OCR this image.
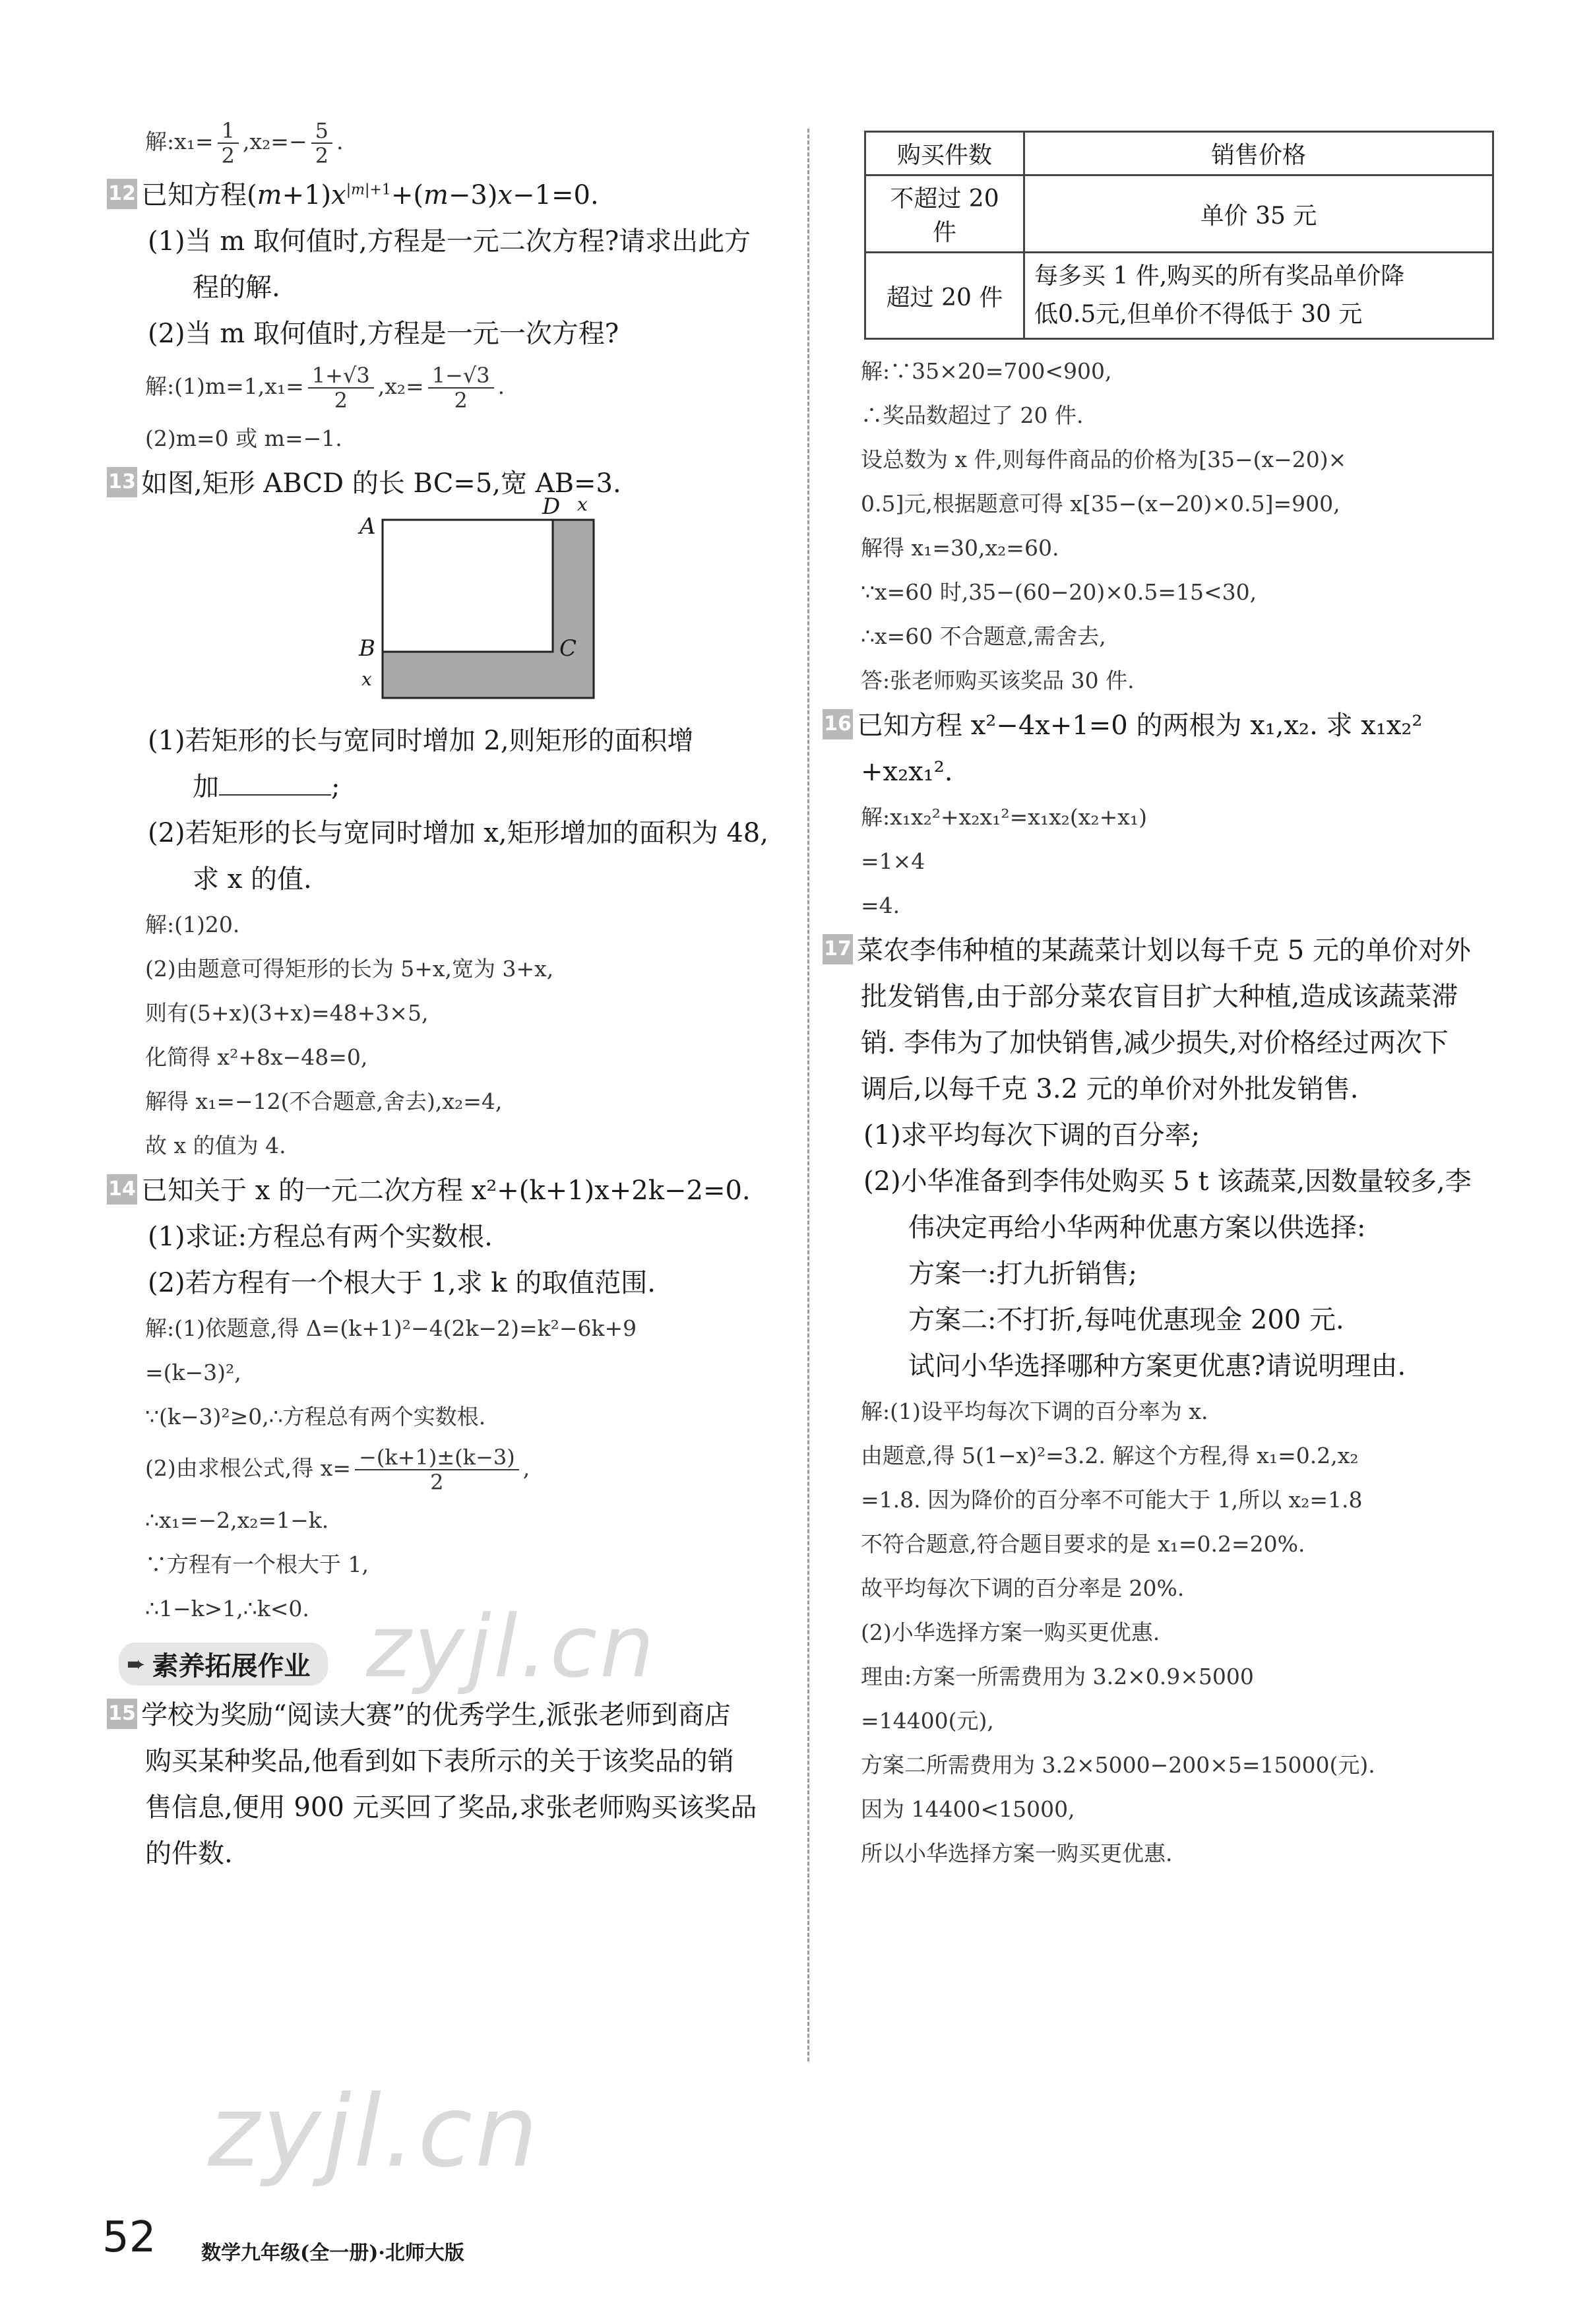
解:x₁= $\frac{1}{2} ,x_2=- \frac{5}{2}$ .
12 已知方程$(m+1)x^{|m|+1}+(m-3)x-1=0$.
(1)当 m 取何值时,方程是一元二次方程?请求出此方
程的解.
(2)当 m 取何值时,方程是一元一次方程?
解:(1)m=1,x₁= $\frac{1+√3}{2} ,x_2= \frac{1-√3}{2}$ .
(2)m=0 或 m=−1.
13 如图,矩形 ABCD 的长 BC=5,宽 AB=3.
A
B	C
D x
x
(1)若矩形的长与宽同时增加 2,则矩形的面积增
加	;
(2)若矩形的长与宽同时增加 x,矩形增加的面积为 48,
求 x 的值.
解:(1)20.
(2)由题意可得矩形的长为 5+x,宽为 3+x,
则有(5+x)(3+x)=48+3×5,
化简得 x²+8x−48=0,
解得 x₁=−12(不合题意,舍去),x₂=4,
故 x 的值为 4.
14 已知关于 x 的一元二次方程 x²+(k+1)x+2k−2=0.
(1)求证:方程总有两个实数根.
(2)若方程有一个根大于 1,求 k 的取值范围.
解:(1)依题意,得 Δ=(k+1)²−4(2k−2)=k²−6k+9
=(k−3)²,
∵(k−3)²≥0,∴方程总有两个实数根.
(2)由求根公式,得 $x= \frac{-(k+1)\pm(k-3)}{2}$ ,
∴x₁=−2,x₂=1−k.
∵方程有一个根大于 1,
∴1−k>1,∴k<0.
➨ 素养拓展作业
15 学校为奖励“阅读大赛”的优秀学生,派张老师到商店
购买某种奖品,他看到如下表所示的关于该奖品的销
售信息,便用 900 元买回了奖品,求张老师购买该奖品
的件数.
购买件数	销售价格
不超过 20 件	单价 35 元
超过 20 件	每多买 1 件,购买的所有奖品单价降
低0.5元,但单价不得低于 30 元
解:∵35×20=700<900,
∴奖品数超过了 20 件.
设总数为 x 件,则每件商品的价格为[35−(x−20)×
0.5]元,根据题意可得 x[35−(x−20)×0.5]=900,
解得 x₁=30,x₂=60.
∵x=60 时,35−(60−20)×0.5=15<30,
∴x=60 不合题意,需舍去,
答:张老师购买该奖品 30 件.
16 已知方程 x²−4x+1=0 的两根为 x₁,x₂. 求 x₁x₂²
+x₂x₁².
解:x₁x₂²+x₂x₁²=x₁x₂(x₂+x₁)
=1×4
=4.
17 菜农李伟种植的某蔬菜计划以每千克 5 元的单价对外
批发销售,由于部分菜农盲目扩大种植,造成该蔬菜滞
销. 李伟为了加快销售,减少损失,对价格经过两次下
调后,以每千克 3.2 元的单价对外批发销售.
(1)求平均每次下调的百分率;
(2)小华准备到李伟处购买 5 t 该蔬菜,因数量较多,李
伟决定再给小华两种优惠方案以供选择:
方案一:打九折销售;
方案二:不打折,每吨优惠现金 200 元.
试问小华选择哪种方案更优惠?请说明理由.
解:(1)设平均每次下调的百分率为 x.
由题意,得 5(1−x)²=3.2. 解这个方程,得 x₁=0.2,x₂
=1.8. 因为降价的百分率不可能大于 1,所以 x₂=1.8
不符合题意,符合题目要求的是 x₁=0.2=20%.
故平均每次下调的百分率是 20%.
(2)小华选择方案一购买更优惠.
理由:方案一所需费用为 3.2×0.9×5000
=14400(元),
方案二所需费用为 3.2×5000−200×5=15000(元).
因为 14400<15000,
所以小华选择方案一购买更优惠.
zyjl.cn
zyjl.cn
52 数学九年级(全一册)·北师大版
